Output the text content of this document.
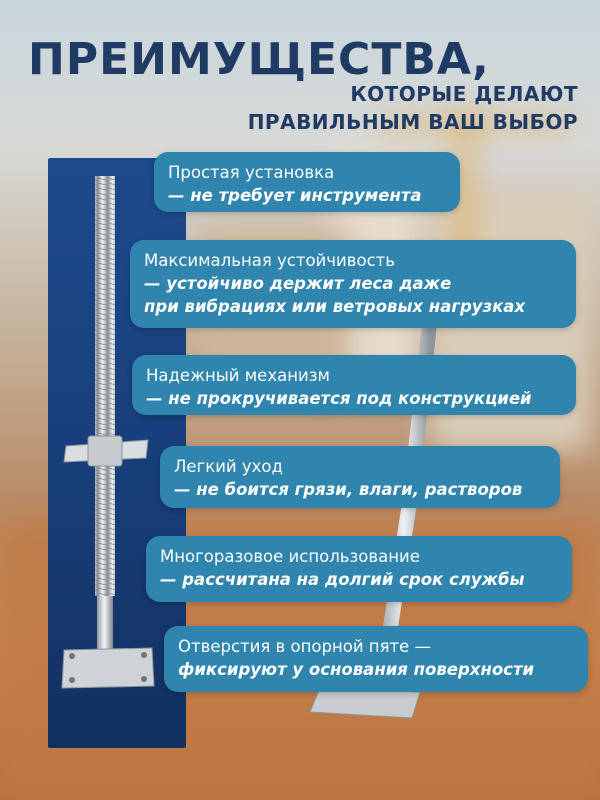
ПРЕИМУЩЕСТВА,

КОТОРЫЕ ДЕЛАЮТ

ПРАВИЛЬНЫМ ВАШ ВЫБОР

Простая установка
— не требует инструмента
Максимальная устойчивость
— устойчиво держит леса даже
при вибрациях или ветровых нагрузках
Надежный механизм
— не прокручивается под конструкцией
Легкий уход
— не боится грязи, влаги, растворов
Многоразовое использование
— рассчитана на долгий срок службы
Отверстия в опорной пяте —
фиксируют у основания поверхности
